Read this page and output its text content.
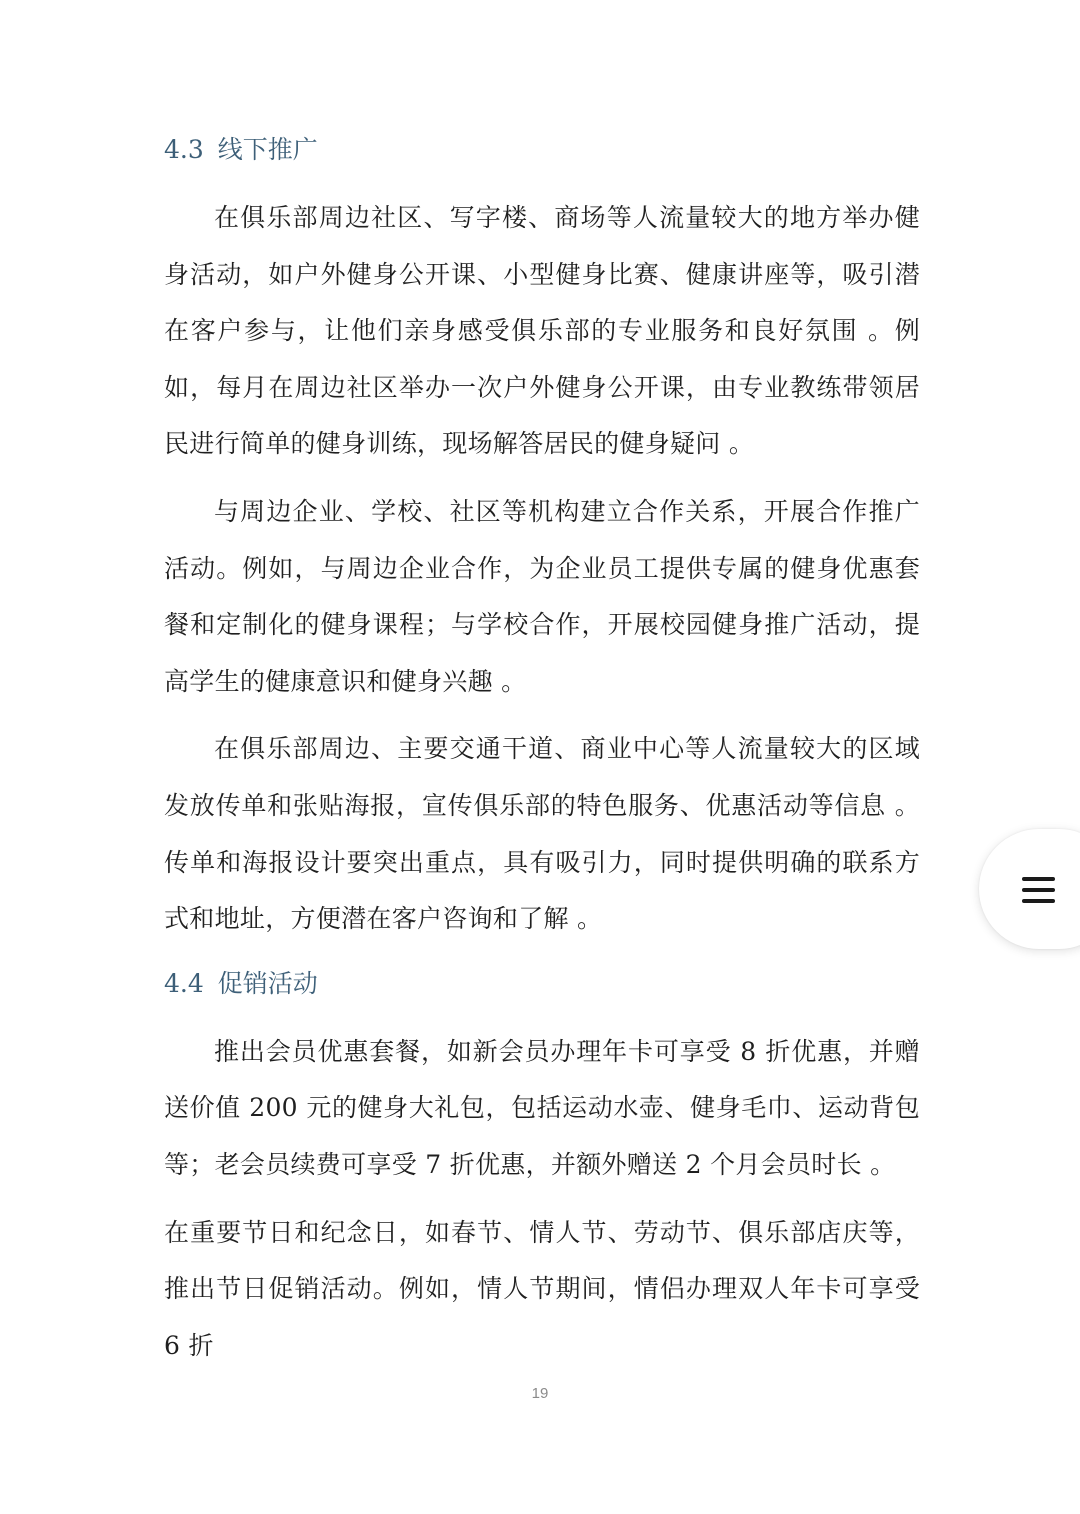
4.3 线下推广

在俱乐部周边社区、写字楼、商场等人流量较大的地方举办健身活动，如户外健身公开课、小型健身比赛、健康讲座等，吸引潜在客户参与，让他们亲身感受俱乐部的专业服务和良好氛围 。例如，每月在周边社区举办一次户外健身公开课，由专业教练带领居民进行简单的健身训练，现场解答居民的健身疑问 。

与周边企业、学校、社区等机构建立合作关系，开展合作推广活动。例如，与周边企业合作，为企业员工提供专属的健身优惠套餐和定制化的健身课程；与学校合作，开展校园健身推广活动，提高学生的健康意识和健身兴趣 。

在俱乐部周边、主要交通干道、商业中心等人流量较大的区域发放传单和张贴海报，宣传俱乐部的特色服务、优惠活动等信息 。传单和海报设计要突出重点，具有吸引力，同时提供明确的联系方式和地址，方便潜在客户咨询和了解 。

4.4 促销活动

推出会员优惠套餐，如新会员办理年卡可享受 8 折优惠，并赠送价值 200 元的健身大礼包，包括运动水壶、健身毛巾、运动背包等；老会员续费可享受 7 折优惠，并额外赠送 2 个月会员时长 。

在重要节日和纪念日，如春节、情人节、劳动节、俱乐部店庆等，推出节日促销活动。例如，情人节期间，情侣办理双人年卡可享受 6 折

19
